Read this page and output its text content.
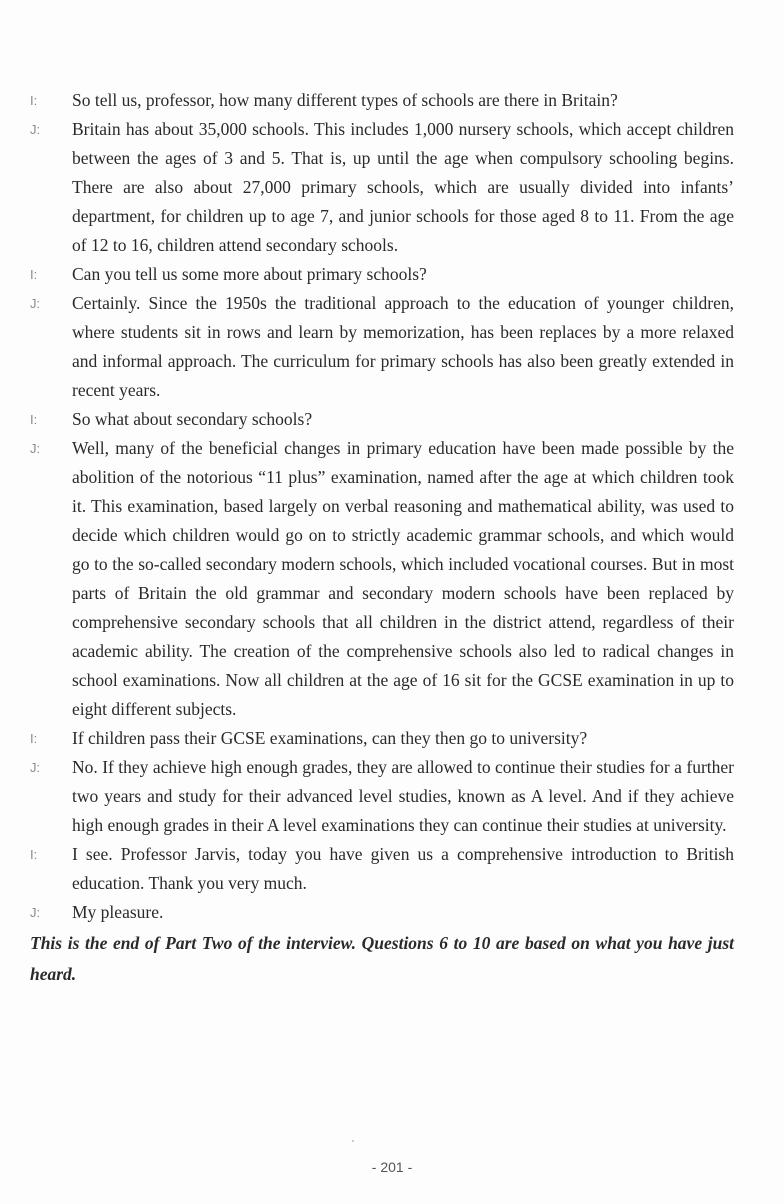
I:	So tell us, professor, how many different types of schools are there in Britain?
J:	Britain has about 35,000 schools. This includes 1,000 nursery schools, which accept children between the ages of 3 and 5. That is, up until the age when compulsory schooling begins. There are also about 27,000 primary schools, which are usually divided into infants’ department, for children up to age 7, and junior schools for those aged 8 to 11. From the age of 12 to 16, children attend secondary schools.
I:	Can you tell us some more about primary schools?
J:	Certainly. Since the 1950s the traditional approach to the education of younger children, where students sit in rows and learn by memorization, has been replaces by a more relaxed and informal approach. The curriculum for primary schools has also been greatly extended in recent years.
I:	So what about secondary schools?
J:	Well, many of the beneficial changes in primary education have been made possible by the abolition of the notorious “11 plus” examination, named after the age at which children took it. This examination, based largely on verbal reasoning and mathematical ability, was used to decide which children would go on to strictly academic grammar schools, and which would go to the so-called secondary modern schools, which included vocational courses. But in most parts of Britain the old grammar and secondary modern schools have been replaced by comprehensive secondary schools that all children in the district attend, regardless of their academic ability. The creation of the comprehensive schools also led to radical changes in school examinations. Now all children at the age of 16 sit for the GCSE examination in up to eight different subjects.
I:	If children pass their GCSE examinations, can they then go to university?
J:	No. If they achieve high enough grades, they are allowed to continue their studies for a further two years and study for their advanced level studies, known as A level. And if they achieve high enough grades in their A level examinations they can continue their studies at university.
I:	I see. Professor Jarvis, today you have given us a comprehensive introduction to British education. Thank you very much.
J:	My pleasure.
This is the end of Part Two of the interview. Questions 6 to 10 are based on what you have just heard.
- 201 -
